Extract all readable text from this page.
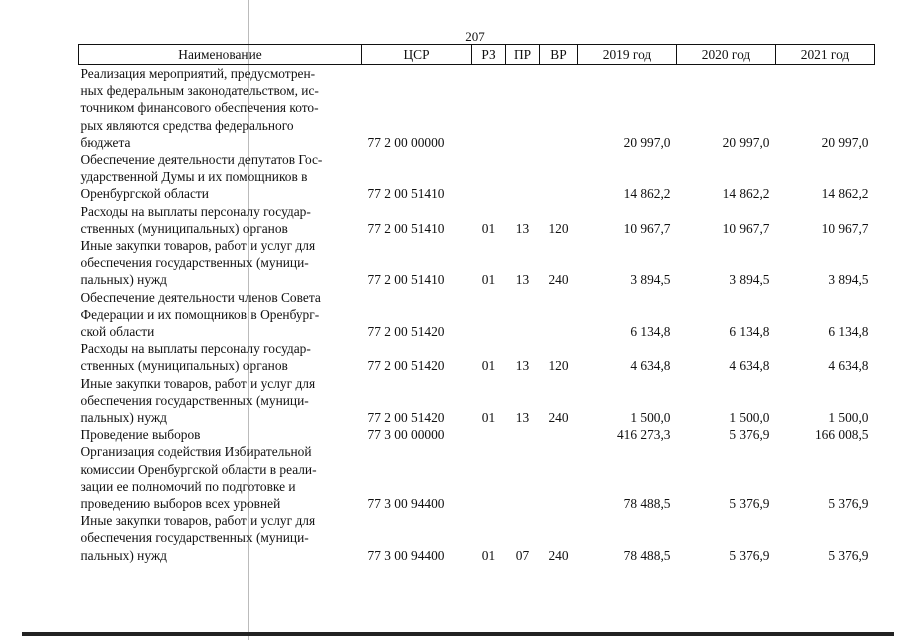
207
Наименование	ЦСР	РЗ	ПР	ВР	2019 год	2020 год	2021 год

Реализация мероприятий, предусмотрен-
ных федеральным законодательством, ис-
точником финансового обеспечения кото-
рых являются средства федерального
бюджета	77 2 00 00000				20 997,0	20 997,0	20 997,0

Обеспечение деятельности депутатов Гос-
ударственной Думы и их помощников в
Оренбургской области	77 2 00 51410				14 862,2	14 862,2	14 862,2

Расходы на выплаты персоналу государ-
ственных (муниципальных) органов	77 2 00 51410	01	13	120	10 967,7	10 967,7	10 967,7

Иные закупки товаров, работ и услуг для
обеспечения государственных (муници-
пальных) нужд	77 2 00 51410	01	13	240	3 894,5	3 894,5	3 894,5

Обеспечение деятельности членов Совета
Федерации и их помощников в Оренбург-
ской области	77 2 00 51420				6 134,8	6 134,8	6 134,8

Расходы на выплаты персоналу государ-
ственных (муниципальных) органов	77 2 00 51420	01	13	120	4 634,8	4 634,8	4 634,8

Иные закупки товаров, работ и услуг для
обеспечения государственных (муници-
пальных) нужд	77 2 00 51420	01	13	240	1 500,0	1 500,0	1 500,0

Проведение выборов	77 3 00 00000				416 273,3	5 376,9	166 008,5

Организация содействия Избирательной
комиссии Оренбургской области в реали-
зации ее полномочий по подготовке и
проведению выборов всех уровней	77 3 00 94400				78 488,5	5 376,9	5 376,9

Иные закупки товаров, работ и услуг для
обеспечения государственных (муници-
пальных) нужд	77 3 00 94400	01	07	240	78 488,5	5 376,9	5 376,9
